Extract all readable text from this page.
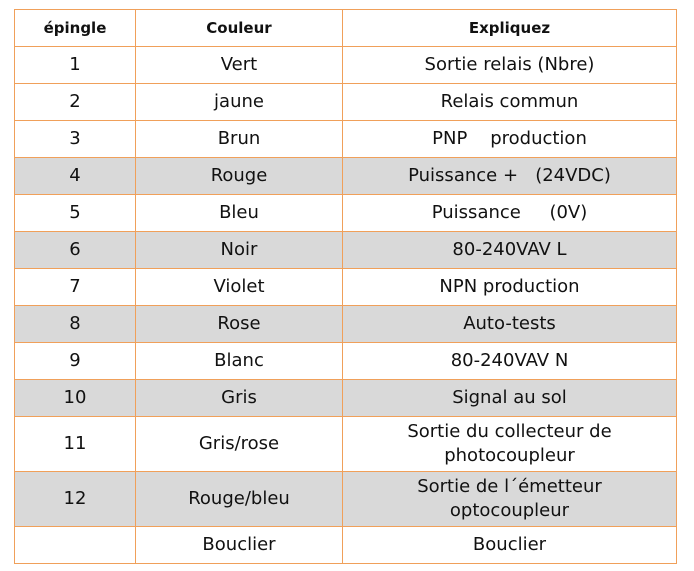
épingle	Couleur	Expliquez
1	Vert	Sortie relais (Nbre)
2	jaune	Relais commun
3	Brun	PNP    production
4	Rouge	Puissance +   (24VDC)
5	Bleu	Puissance     (0V)
6	Noir	80-240VAV L
7	Violet	NPN production
8	Rose	Auto-tests
9	Blanc	80-240VAV N
10	Gris	Signal au sol
11	Gris/rose	Sortie du collecteur de photocoupleur
12	Rouge/bleu	Sortie de l´émetteur optocoupleur
	Bouclier	Bouclier
